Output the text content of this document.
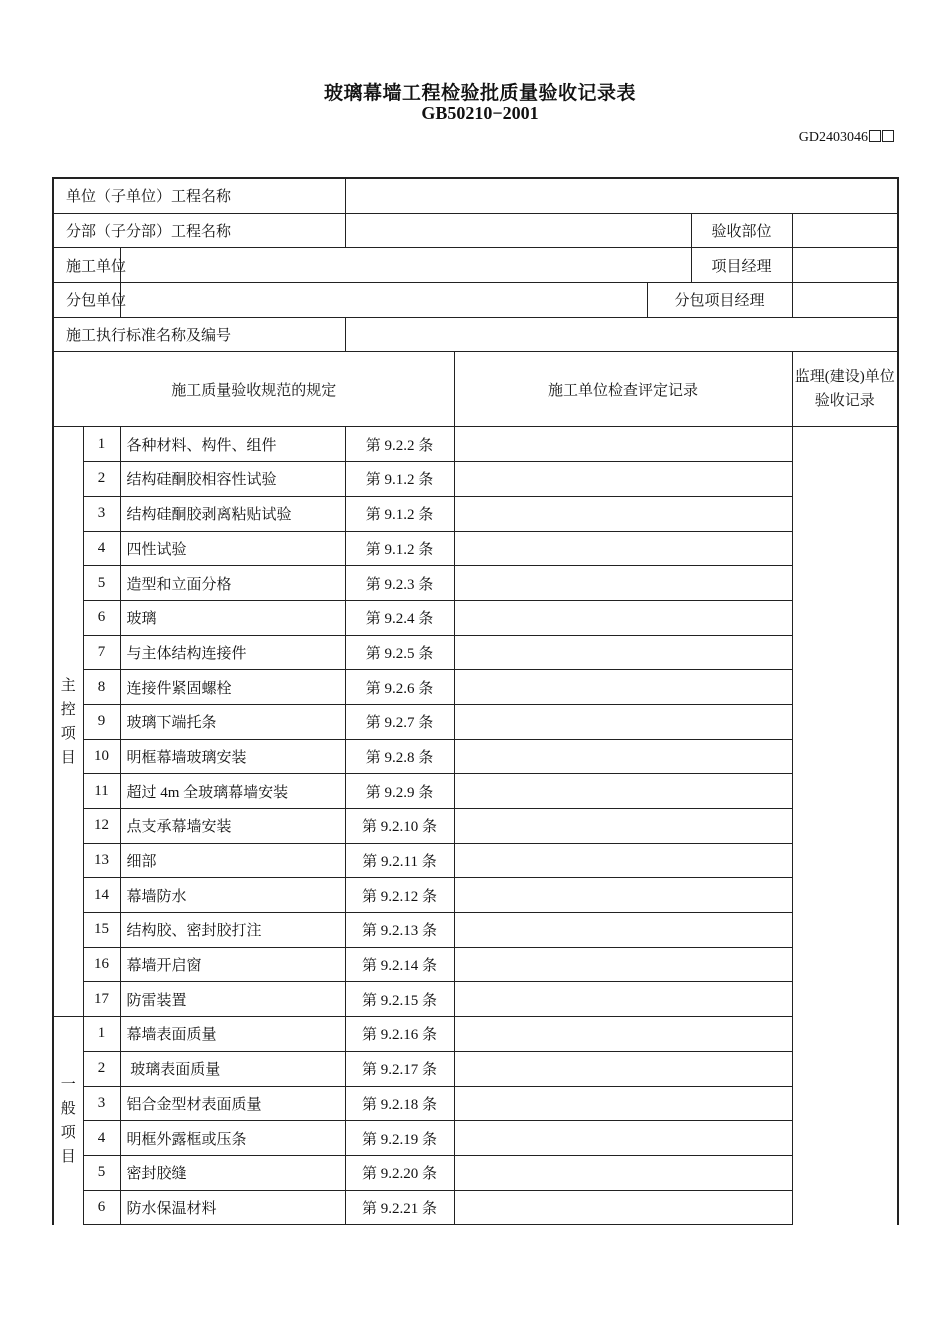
玻璃幕墙工程检验批质量验收记录表
GB50210−2001
GD2403046
单位（子单位）工程名称							
分部（子分部）工程名称						验收部位	
施工单位						项目经理	
分包单位					分包项目经理		
施工执行标准名称及编号							
施工质量验收规范的规定				施工单位检查评定记录			监理(建设)单位验收记录
主控项目	1	各种材料、构件、组件	第 9.2.2 条				
	2	结构硅酮胶相容性试验	第 9.1.2 条				
	3	结构硅酮胶剥离粘贴试验	第 9.1.2 条				
	4	四性试验	第 9.1.2 条				
	5	造型和立面分格	第 9.2.3 条				
	6	玻璃	第 9.2.4 条				
	7	与主体结构连接件	第 9.2.5 条				
	8	连接件紧固螺栓	第 9.2.6 条				
	9	玻璃下端托条	第 9.2.7 条				
	10	明框幕墙玻璃安装	第 9.2.8 条				
	11	超过 4m 全玻璃幕墙安装	第 9.2.9 条				
	12	点支承幕墙安装	第 9.2.10 条				
	13	细部	第 9.2.11 条				
	14	幕墙防水	第 9.2.12 条				
	15	结构胶、密封胶打注	第 9.2.13 条				
	16	幕墙开启窗	第 9.2.14 条				
	17	防雷装置	第 9.2.15 条				
一般项目	1	幕墙表面质量	第 9.2.16 条				
	2	玻璃表面质量	第 9.2.17 条				
	3	铝合金型材表面质量	第 9.2.18 条				
	4	明框外露框或压条	第 9.2.19 条				
	5	密封胶缝	第 9.2.20 条				
	6	防水保温材料	第 9.2.21 条				
